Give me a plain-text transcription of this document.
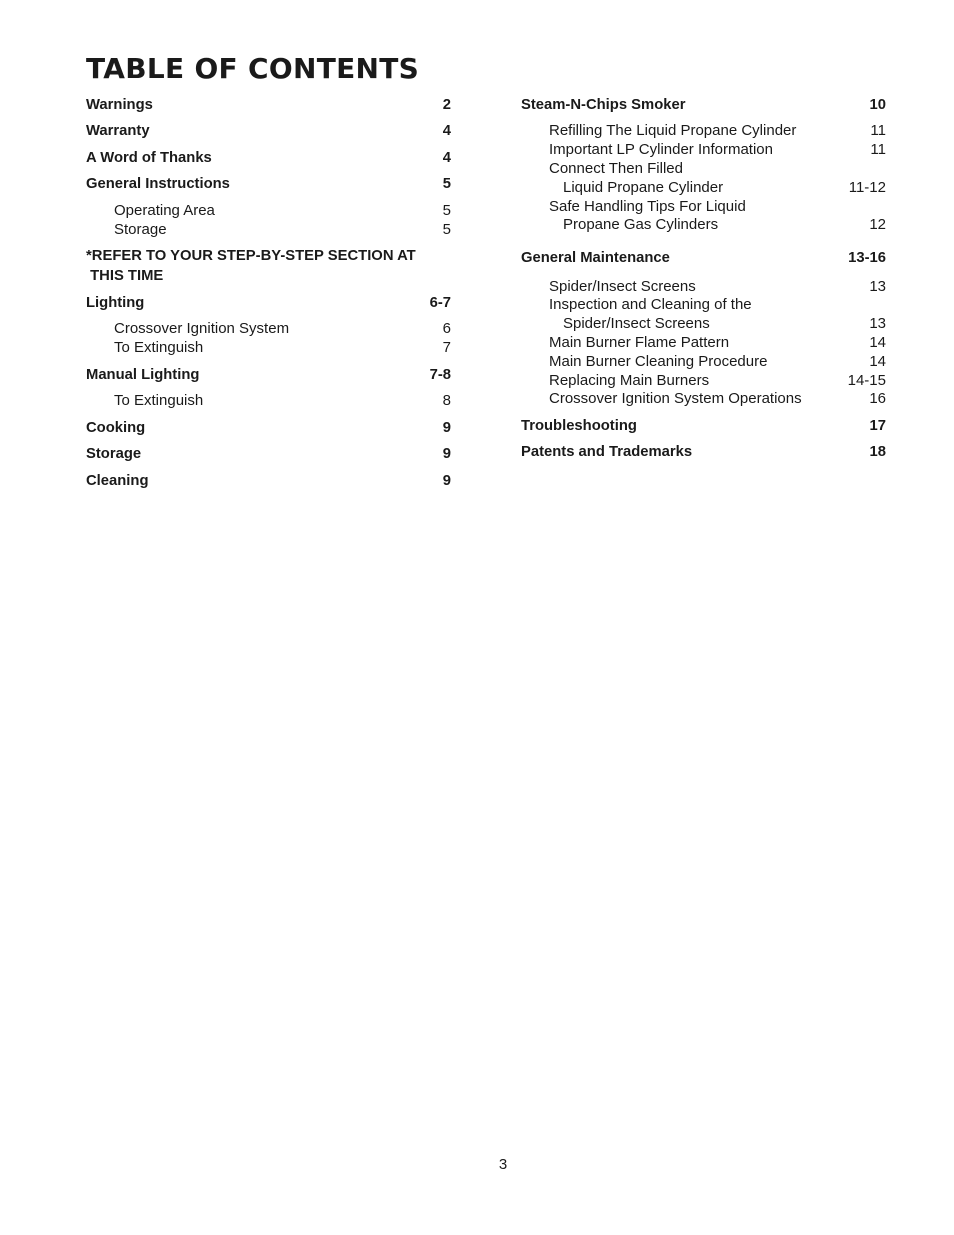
TABLE OF CONTENTS
Warnings	2
Warranty	4
A Word of Thanks	4
General Instructions	5
Operating Area	5
Storage	5
*REFER TO YOUR STEP-BY-STEP SECTION AT
THIS TIME
Lighting	6-7
Crossover Ignition System	6
To Extinguish	7
Manual Lighting	7-8
To Extinguish	8
Cooking	9
Storage	9
Cleaning	9
Steam-N-Chips Smoker	10
Refilling The Liquid Propane Cylinder	11
Important LP Cylinder Information	11
Connect Then Filled
Liquid Propane Cylinder	11-12
Safe Handling Tips For Liquid
Propane Gas Cylinders	12
General Maintenance	13-16
Spider/Insect Screens	13
Inspection and Cleaning of the
Spider/Insect Screens	13
Main Burner Flame Pattern	14
Main Burner Cleaning Procedure	14
Replacing Main Burners	14-15
Crossover Ignition System Operations	16
Troubleshooting	17
Patents and Trademarks	18
3
